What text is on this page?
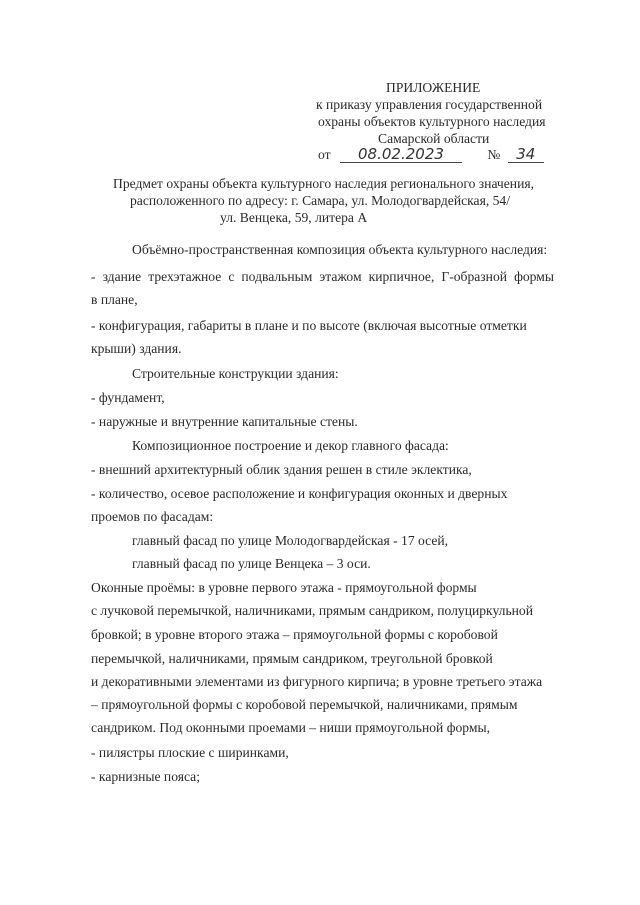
ПРИЛОЖЕНИЕ
к приказу управления государственной
охраны объектов культурного наследия
Самарской области
от 08.02.2023	№ 34
Предмет охраны объекта культурного наследия регионального значения,
расположенного по адресу: г. Самара, ул. Молодогвардейская, 54/
ул. Венцека, 59, литера А
Объёмно-пространственная композиция объекта культурного наследия:
- здание трехэтажное с подвальным этажом кирпичное, Г-образной формы
в плане,
- конфигурация, габариты в плане и по высоте (включая высотные отметки
крыши) здания.
Строительные конструкции здания:
- фундамент,
- наружные и внутренние капитальные стены.
Композиционное построение и декор главного фасада:
- внешний архитектурный облик здания решен в стиле эклектика,
- количество, осевое расположение и конфигурация оконных и дверных
проемов по фасадам:
главный фасад по улице Молодогвардейская - 17 осей,
главный фасад по улице Венцека – 3 оси.
Оконные проёмы: в уровне первого этажа - прямоугольной формы
с лучковой перемычкой, наличниками, прямым сандриком, полуциркульной
бровкой; в уровне второго этажа – прямоугольной формы с коробовой
перемычкой, наличниками, прямым сандриком, треугольной бровкой
и декоративными элементами из фигурного кирпича; в уровне третьего этажа
– прямоугольной формы с коробовой перемычкой, наличниками, прямым
сандриком. Под оконными проемами – ниши прямоугольной формы,
- пилястры плоские с ширинками,
- карнизные пояса;
